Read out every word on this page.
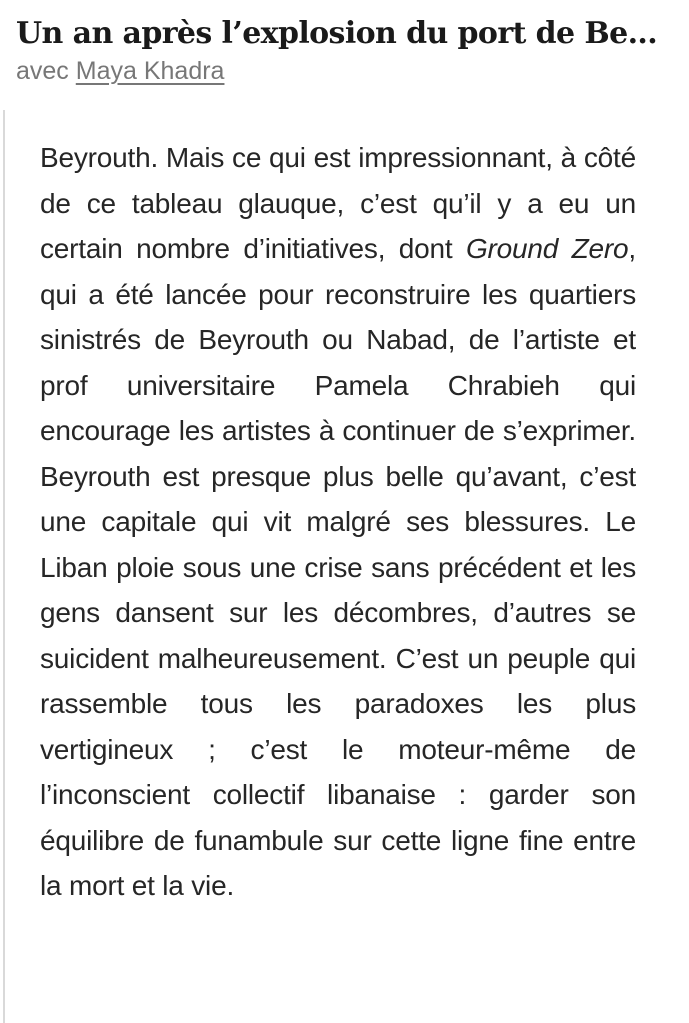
Un an après l’explosion du port de Be...
avec Maya Khadra
Beyrouth. Mais ce qui est impressionnant, à côté de ce tableau glauque, c’est qu’il y a eu un certain nombre d’initiatives, dont Ground Zero, qui a été lancée pour reconstruire les quartiers sinistrés de Beyrouth ou Nabad, de l’artiste et prof universitaire Pamela Chrabieh qui encourage les artistes à continuer de s’exprimer. Beyrouth est presque plus belle qu’avant, c’est une capitale qui vit malgré ses blessures. Le Liban ploie sous une crise sans précédent et les gens dansent sur les décombres, d’autres se suicident malheureusement. C’est un peuple qui rassemble tous les paradoxes les plus vertigineux ; c’est le moteur-même de l’inconscient collectif libanaise : garder son équilibre de funambule sur cette ligne fine entre la mort et la vie.
